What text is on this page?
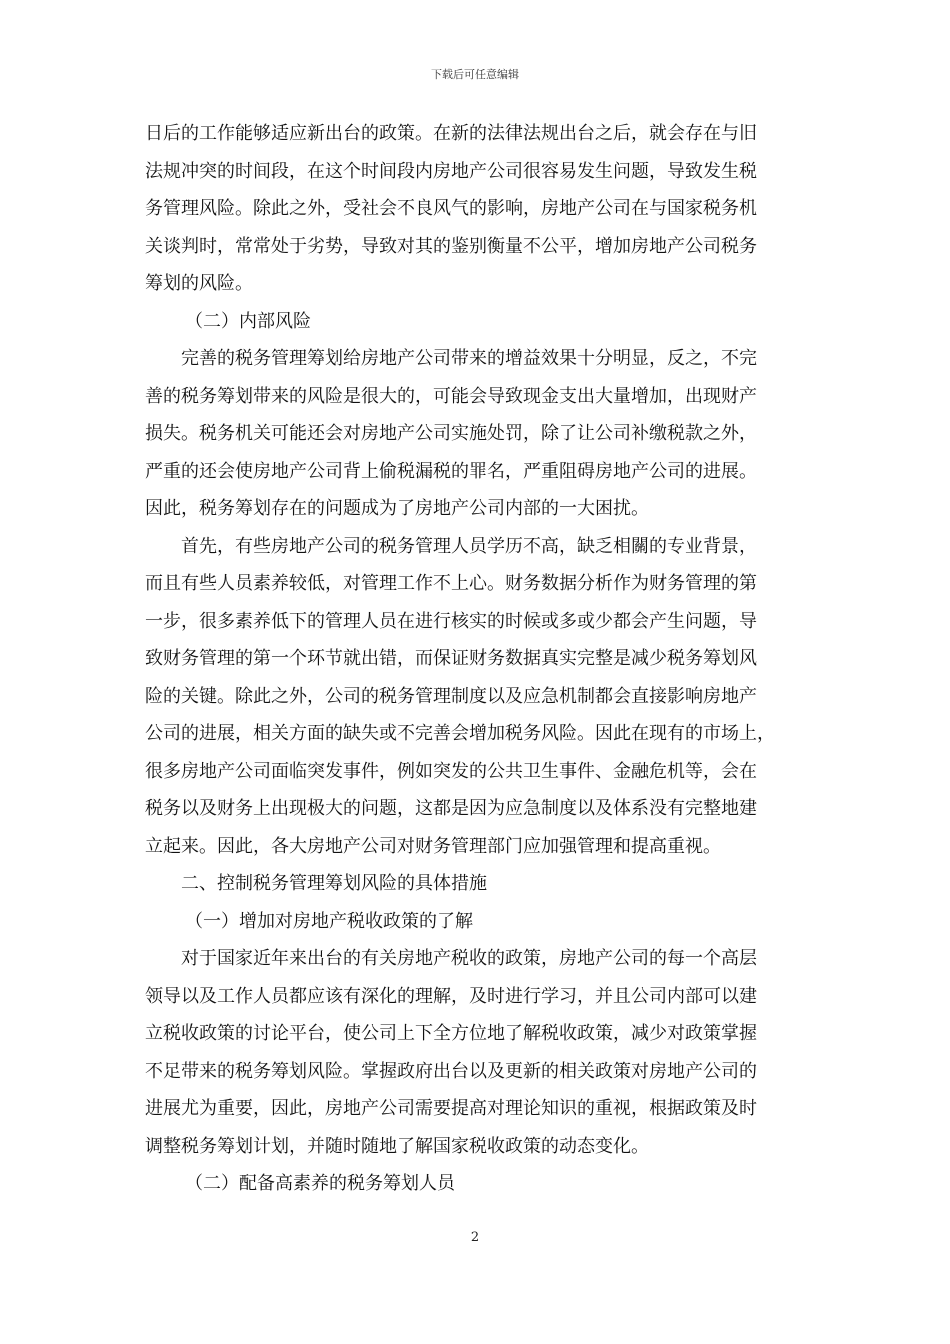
下载后可任意编辑
日后的工作能够适应新出台的政策。在新的法律法规出台之后，就会存在与旧
法规冲突的时间段，在这个时间段内房地产公司很容易发生问题，导致发生税
务管理风险。除此之外，受社会不良风气的影响，房地产公司在与国家税务机
关谈判时，常常处于劣势，导致对其的鉴别衡量不公平，增加房地产公司税务
筹划的风险。
（二）内部风险
完善的税务管理筹划给房地产公司带来的增益效果十分明显，反之，不完
善的税务筹划带来的风险是很大的，可能会导致现金支出大量增加，出现财产
损失。税务机关可能还会对房地产公司实施处罚，除了让公司补缴税款之外，
严重的还会使房地产公司背上偷税漏税的罪名，严重阻碍房地产公司的进展。
因此，税务筹划存在的问题成为了房地产公司内部的一大困扰。
首先，有些房地产公司的税务管理人员学历不高，缺乏相關的专业背景，
而且有些人员素养较低，对管理工作不上心。财务数据分析作为财务管理的第
一步，很多素养低下的管理人员在进行核实的时候或多或少都会产生问题，导
致财务管理的第一个环节就出错，而保证财务数据真实完整是减少税务筹划风
险的关键。除此之外，公司的税务管理制度以及应急机制都会直接影响房地产
公司的进展，相关方面的缺失或不完善会增加税务风险。因此在现有的市场上，
很多房地产公司面临突发事件，例如突发的公共卫生事件、金融危机等，会在
税务以及财务上出现极大的问题，这都是因为应急制度以及体系没有完整地建
立起来。因此，各大房地产公司对财务管理部门应加强管理和提高重视。
二、控制税务管理筹划风险的具体措施
（一）增加对房地产税收政策的了解
对于国家近年来出台的有关房地产税收的政策，房地产公司的每一个高层
领导以及工作人员都应该有深化的理解，及时进行学习，并且公司内部可以建
立税收政策的讨论平台，使公司上下全方位地了解税收政策，减少对政策掌握
不足带来的税务筹划风险。掌握政府出台以及更新的相关政策对房地产公司的
进展尤为重要，因此，房地产公司需要提高对理论知识的重视，根据政策及时
调整税务筹划计划，并随时随地了解国家税收政策的动态变化。
（二）配备高素养的税务筹划人员
2
